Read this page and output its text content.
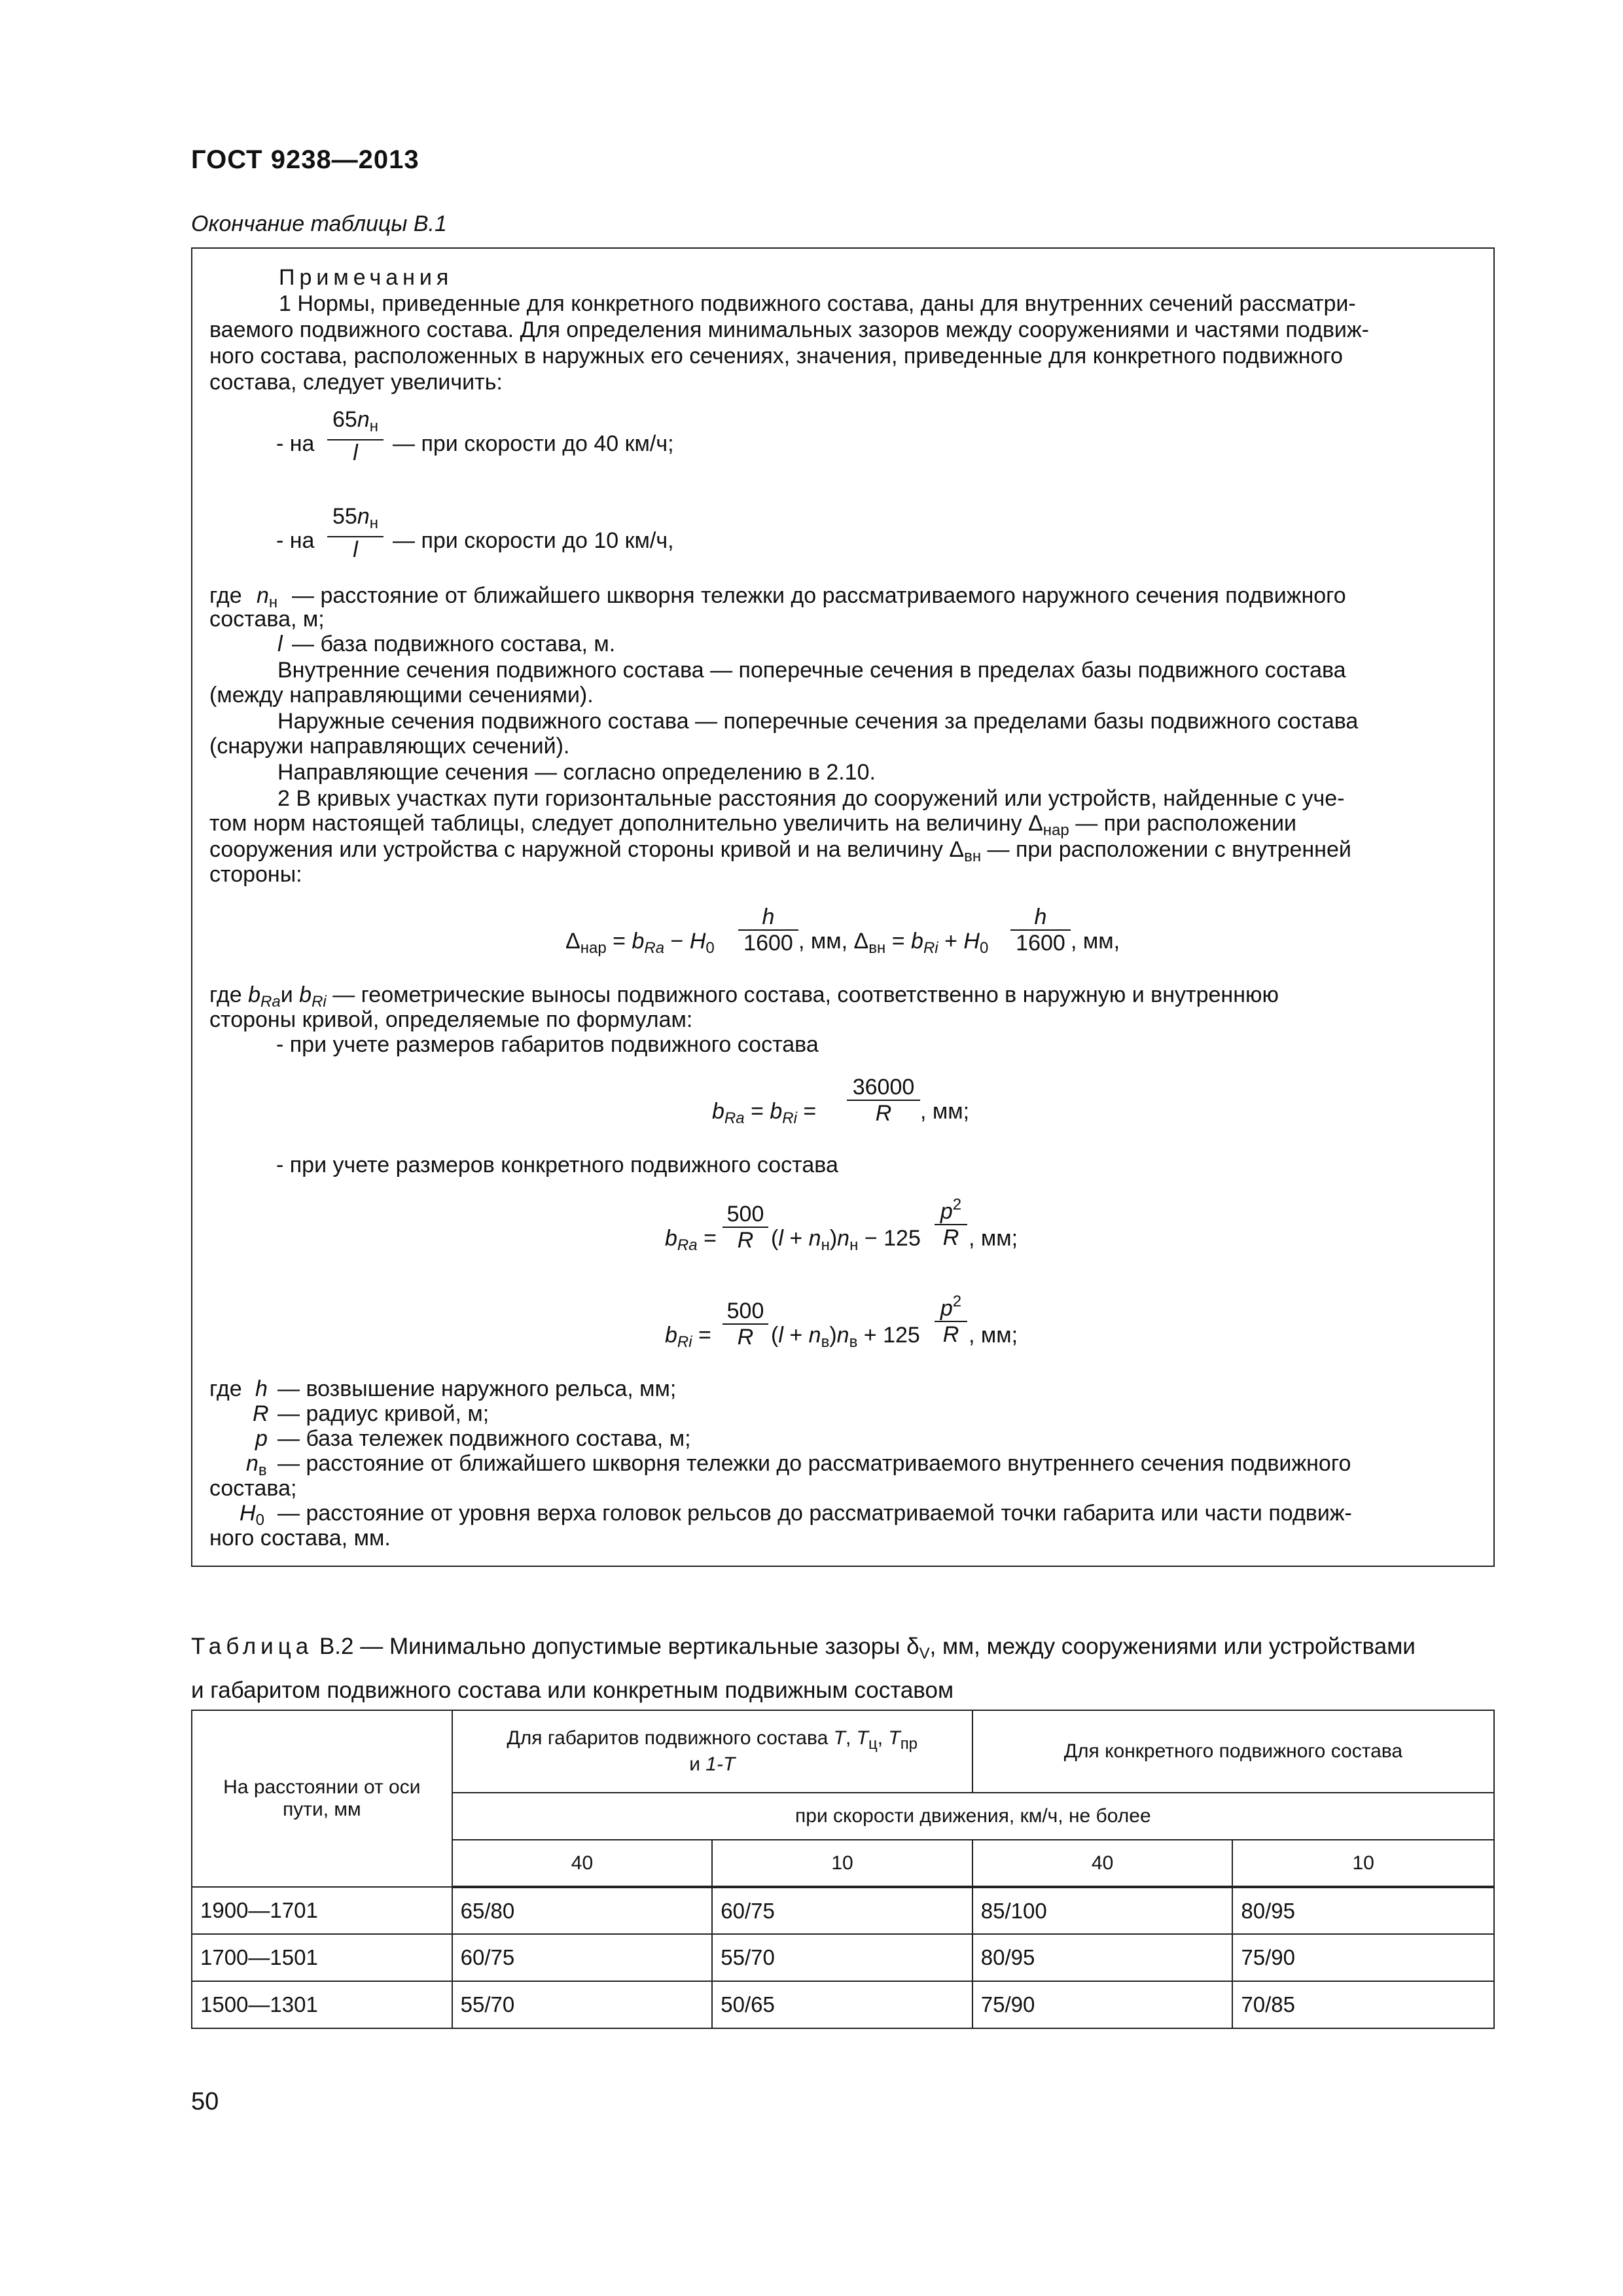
ГОСТ 9238—2013
Окончание таблицы В.1
Примечания
1 Нормы, приведенные для конкретного подвижного состава, даны для внутренних сечений рассматри-
ваемого подвижного состава. Для определения минимальных зазоров между сооружениями и частями подвиж-
ного состава, расположенных в наружных его сечениях, значения, приведенные для конкретного подвижного
состава, следует увеличить:
- на
$65n_н$
l	— при скорости до 40 км/ч;
- на
$55n_н$
l	— при скорости до 10 км/ч,
где $n_н$ — расстояние от ближайшего шкворня тележки до рассматриваемого наружного сечения подвижного
состава, м;
l — база подвижного состава, м.
Внутренние сечения подвижного состава — поперечные сечения в пределах базы подвижного состава
(между направляющими сечениями).
Наружные сечения подвижного состава — поперечные сечения за пределами базы подвижного состава
(снаружи направляющих сечений).
Направляющие сечения — согласно определению в 2.10.
2 В кривых участках пути горизонтальные расстояния до сооружений или устройств, найденные с уче-
том норм настоящей таблицы, следует дополнительно увеличить на величину $\Delta_{нар}$ — при расположении
сооружения или устройства с наружной стороны кривой и на величину $\Delta_{вн}$ — при расположении с внутренней
стороны:
$\Delta_{нар} = b_{Ra} - H_0$
h
1600 , мм, $\Delta_{вн} = b_{Ri} + H_0$
h
1600 , мм,
где $b_{Ra}и$ $b_{Ri}$ — геометрические выносы подвижного состава, соответственно в наружную и внутреннюю
стороны кривой, определяемые по формулам:
- при учете размеров габаритов подвижного состава
$b_{Ra} = b_{Ri}$ =
36000
R	, мм;
- при учете размеров конкретного подвижного состава
$b_{Ra}$ =
500
R $(l + n_н)n_н - 125$
$p^2$
R , мм;
$b_{Ri}$ =
500
R $(l + n_в)n_в + 125$
$p^2$
R , мм;
где h — возвышение наружного рельса, мм;
R — радиус кривой, м;
p — база тележек подвижного состава, м;
$n_в$ — расстояние от ближайшего шкворня тележки до рассматриваемого внутреннего сечения подвижного
состава;
$H_0$ — расстояние от уровня верха головок рельсов до рассматриваемой точки габарита или части подвиж-
ного состава, мм.
Таблица В.2 — Минимально допустимые вертикальные зазоры $\delta_V$, мм, между сооружениями или устройствами
и габаритом подвижного состава или конкретным подвижным составом
На расстоянии от оси пути, мм	Для габаритов подвижного состава T, $T_ц$, $T_{пр}$
и 1-T		Для конкретного подвижного состава	
	при скорости движения, км/ч, не более			
	40	10	40	10
1900—1701	65/80	60/75	85/100	80/95
1700—1501	60/75	55/70	80/95	75/90
1500—1301	55/70	50/65	75/90	70/85
50
